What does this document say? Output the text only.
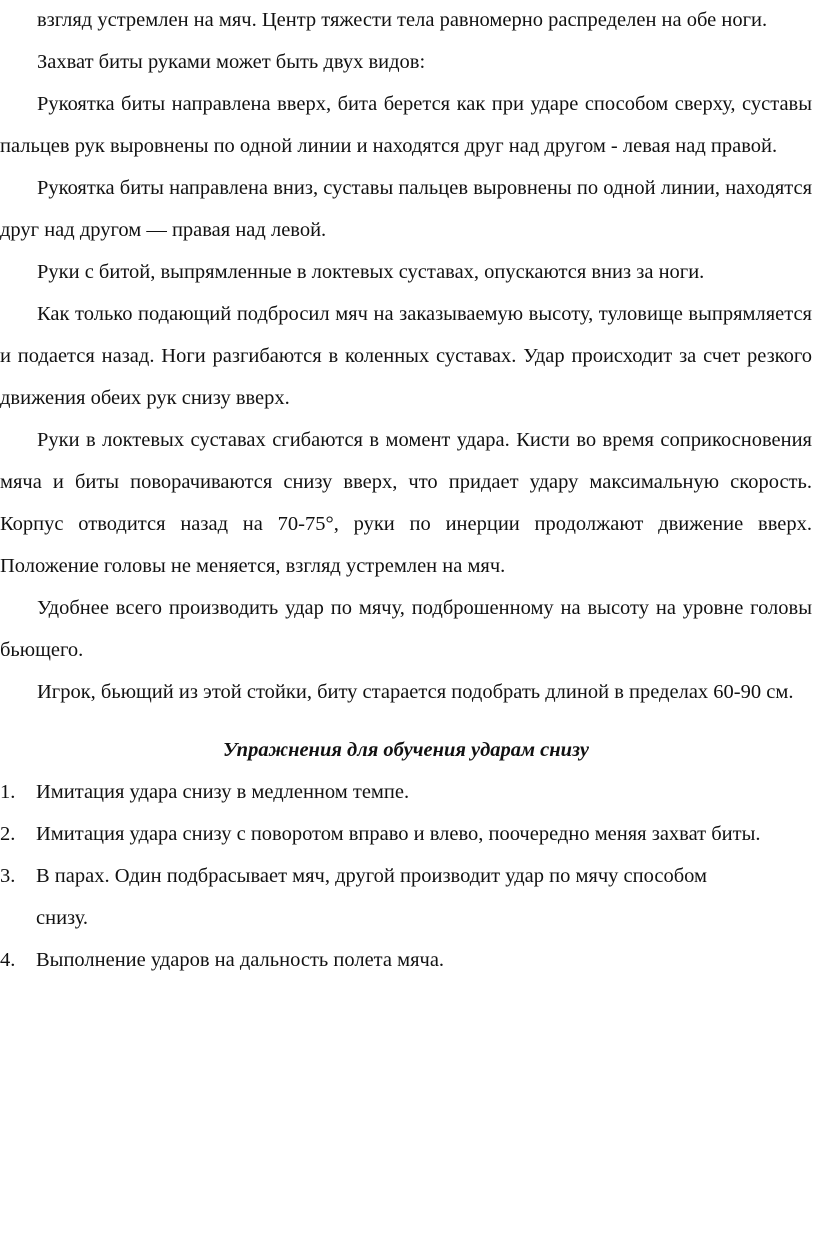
взгляд устремлен на мяч. Центр тяжести тела равномерно распределен на обе ноги.

Захват биты руками может быть двух видов:

Рукоятка биты направлена вверх, бита берется как при ударе способом сверху, суставы пальцев рук выровнены по одной линии и находятся друг над другом - левая над правой.

Рукоятка биты направлена вниз, суставы пальцев выровнены по одной линии, находятся друг над другом — правая над левой.

Руки с битой, выпрямленные в локтевых суставах, опускаются вниз за ноги.

Как только подающий подбросил мяч на заказываемую высоту, туловище выпрямляется и подается назад. Ноги разгибаются в коленных суставах. Удар происходит за счет резкого движения обеих рук снизу вверх.

Руки в локтевых суставах сгибаются в момент удара. Кисти во время соприкосновения мяча и биты поворачиваются снизу вверх, что придает удару максимальную скорость. Корпус отводится назад на 70-75°, руки по инерции продолжают движение вверх. Положение головы не меняется, взгляд устремлен на мяч.

Удобнее всего производить удар по мячу, подброшенному на высоту на уровне головы бьющего.

Игрок, бьющий из этой стойки, биту старается подобрать длиной в пределах 60-90 см.

Упражнения для обучения ударам снизу
1. Имитация удара снизу в медленном темпе.
2. Имитация удара снизу с поворотом вправо и влево, поочередно меняя захват биты.
3. В парах. Один подбрасывает мяч, другой производит удар по мячу способом снизу.
4. Выполнение ударов на дальность полета мяча.
